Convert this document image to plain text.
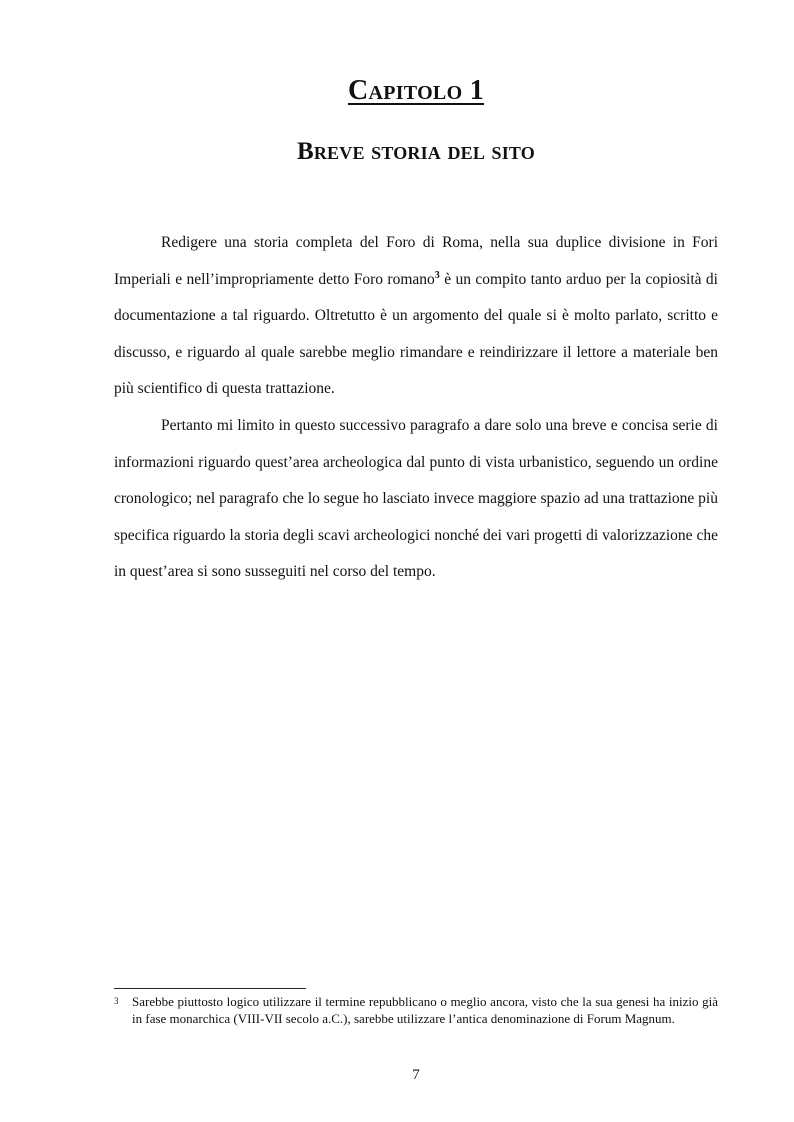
Capitolo 1
Breve storia del sito

Redigere una storia completa del Foro di Roma, nella sua duplice divisione in Fori Imperiali e nell’impropriamente detto Foro romano$^3$ è un compito tanto arduo per la copiosità di documentazione a tal riguardo. Oltretutto è un argomento del quale si è molto parlato, scritto e discusso, e riguardo al quale sarebbe meglio rimandare e reindirizzare il lettore a materiale ben più scientifico di questa trattazione.

Pertanto mi limito in questo successivo paragrafo a dare solo una breve e concisa serie di informazioni riguardo quest’area archeologica dal punto di vista urbanistico, seguendo un ordine cronologico; nel paragrafo che lo segue ho lasciato invece maggiore spazio ad una trattazione più specifica riguardo la storia degli scavi archeologici nonché dei vari progetti di valorizzazione che in quest’area si sono susseguiti nel corso del tempo.

3 Sarebbe piuttosto logico utilizzare il termine repubblicano o meglio ancora, visto che la sua genesi ha inizio già in fase monarchica (VIII-VII secolo a.C.), sarebbe utilizzare l’antica denominazione di Forum Magnum.
7
